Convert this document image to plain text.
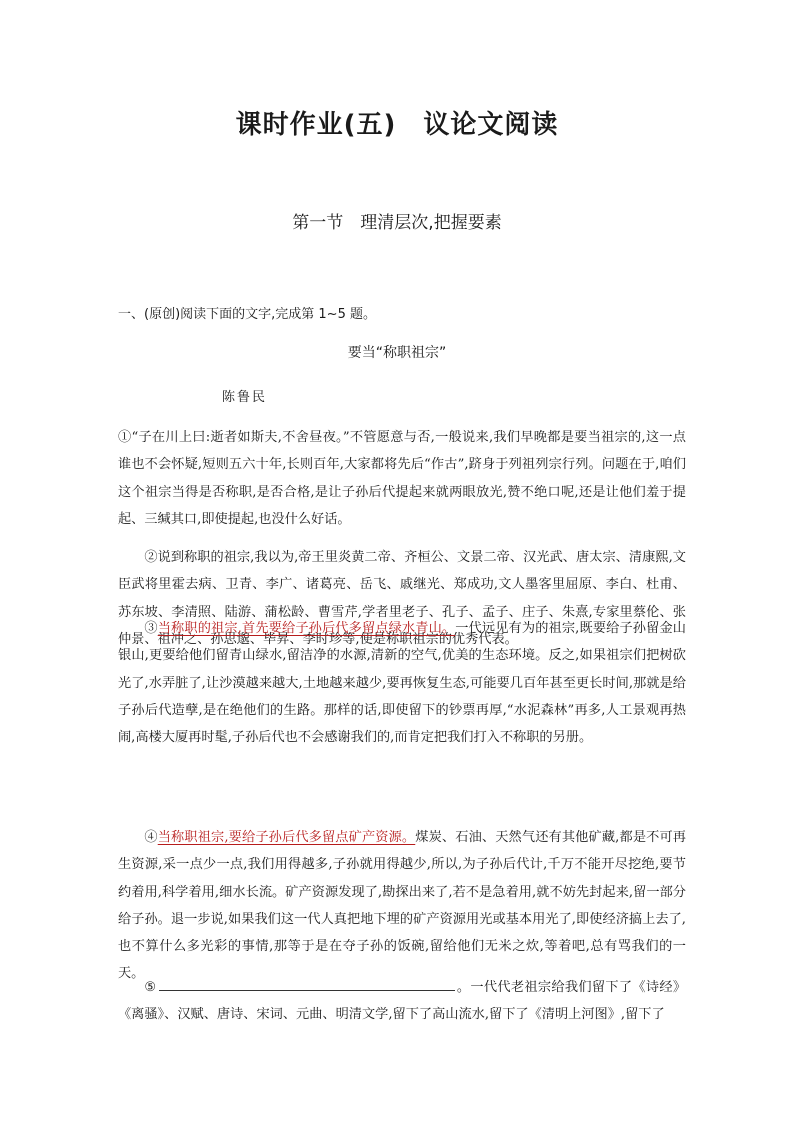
课时作业(五)　议论文阅读
第一节　理清层次,把握要素
一、(原创)阅读下面的文字,完成第 1~5 题。
要当“称职祖宗”
陈鲁民
①“子在川上曰:逝者如斯夫,不舍昼夜。”不管愿意与否,一般说来,我们早晚都是要当祖宗的,这一点谁也不会怀疑,短则五六十年,长则百年,大家都将先后“作古”,跻身于列祖列宗行列。问题在于,咱们这个祖宗当得是否称职,是否合格,是让子孙后代提起来就两眼放光,赞不绝口呢,还是让他们羞于提起、三缄其口,即使提起,也没什么好话。
②说到称职的祖宗,我以为,帝王里炎黄二帝、齐桓公、文景二帝、汉光武、唐太宗、清康熙,文臣武将里霍去病、卫青、李广、诸葛亮、岳飞、戚继光、郑成功,文人墨客里屈原、李白、杜甫、苏东坡、李清照、陆游、蒲松龄、曹雪芹,学者里老子、孔子、孟子、庄子、朱熹,专家里蔡伦、张仲景、祖冲之、孙思邈、毕昇、李时珍等,便是称职祖宗的优秀代表。
③当称职的祖宗,首先要给子孙后代多留点绿水青山。一代远见有为的祖宗,既要给子孙留金山银山,更要给他们留青山绿水,留洁净的水源,清新的空气,优美的生态环境。反之,如果祖宗们把树砍光了,水弄脏了,让沙漠越来越大,土地越来越少,要再恢复生态,可能要几百年甚至更长时间,那就是给子孙后代造孽,是在绝他们的生路。那样的话,即使留下的钞票再厚,“水泥森林”再多,人工景观再热闹,高楼大厦再时髦,子孙后代也不会感谢我们的,而肯定把我们打入不称职的另册。
④当称职祖宗,要给子孙后代多留点矿产资源。煤炭、石油、天然气还有其他矿藏,都是不可再生资源,采一点少一点,我们用得越多,子孙就用得越少,所以,为子孙后代计,千万不能开尽挖绝,要节约着用,科学着用,细水长流。矿产资源发现了,勘探出来了,若不是急着用,就不妨先封起来,留一部分给子孙。退一步说,如果我们这一代人真把地下埋的矿产资源用光或基本用光了,即使经济搞上去了,也不算什么多光彩的事情,那等于是在夺子孙的饭碗,留给他们无米之炊,等着吧,总有骂我们的一天。
⑤	。一代代老祖宗给我们留下了《诗经》《离骚》、汉赋、唐诗、宋词、元曲、明清文学,留下了高山流水,留下了《清明上河图》,留下了
